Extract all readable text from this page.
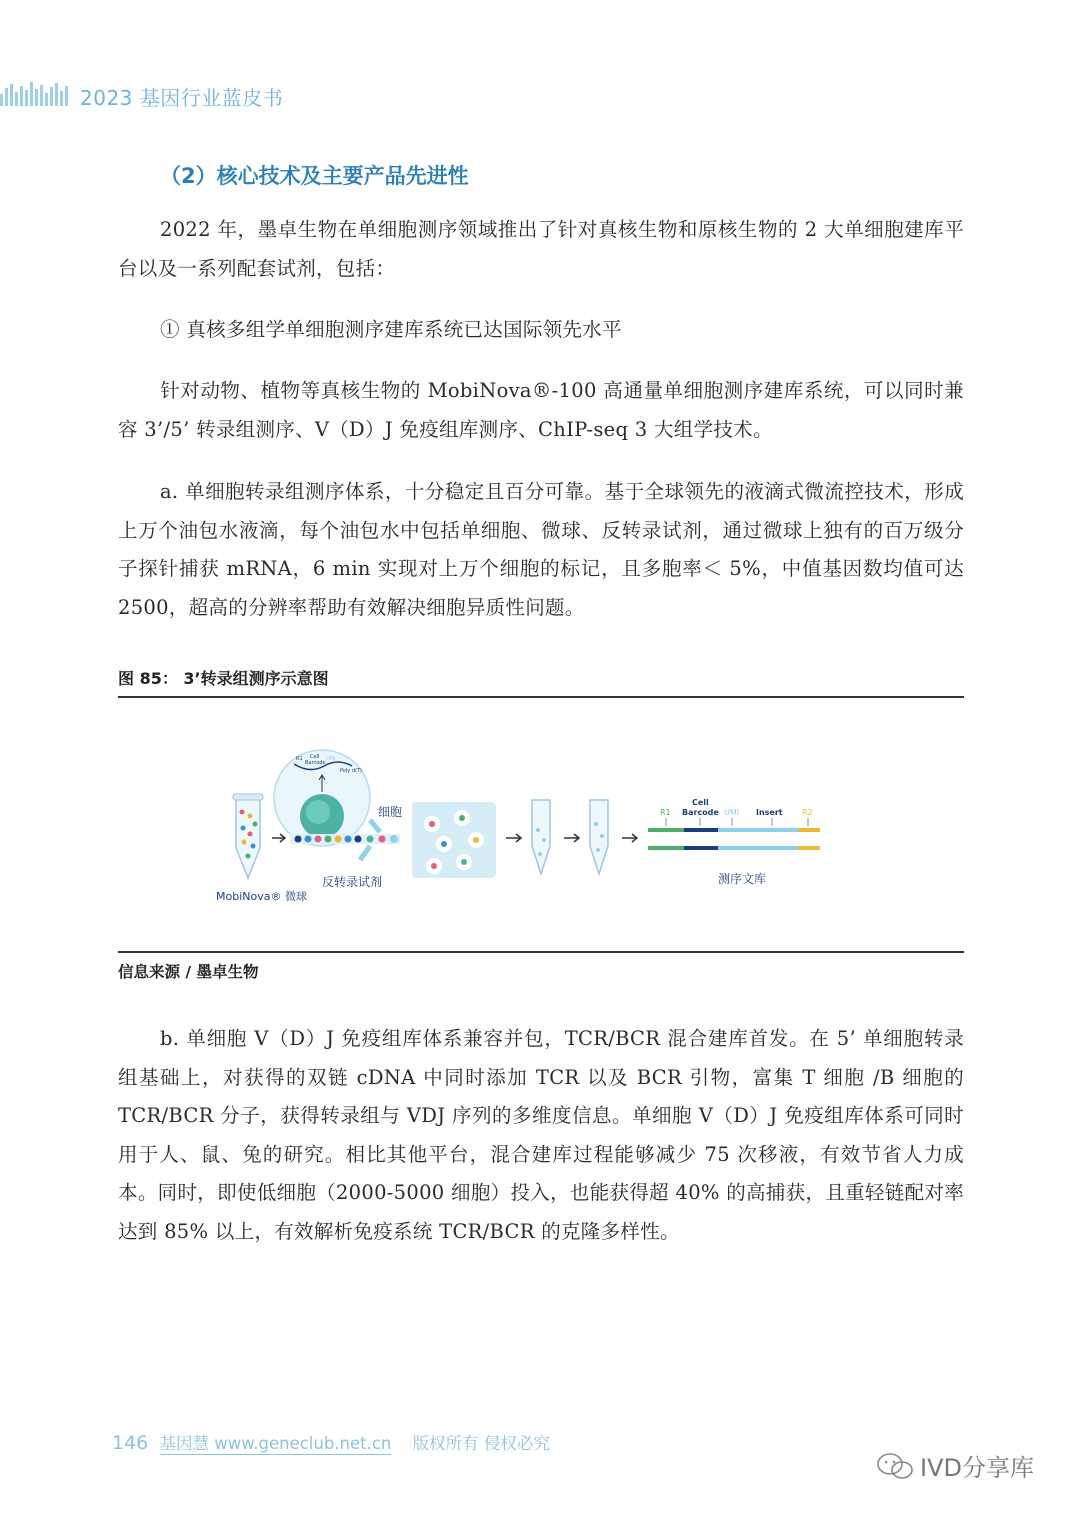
2023 基因行业蓝皮书
（2）核心技术及主要产品先进性

2022 年，墨卓生物在单细胞测序领域推出了针对真核生物和原核生物的 2 大单细胞建库平台以及一系列配套试剂，包括：

① 真核多组学单细胞测序建库系统已达国际领先水平

针对动物、植物等真核生物的 MobiNova®-100 高通量单细胞测序建库系统，可以同时兼容 3’/5’ 转录组测序、V（D）J 免疫组库测序、ChIP-seq 3 大组学技术。

a. 单细胞转录组测序体系，十分稳定且百分可靠。基于全球领先的液滴式微流控技术，形成上万个油包水液滴，每个油包水中包括单细胞、微球、反转录试剂，通过微球上独有的百万级分子探针捕获 mRNA，6 min 实现对上万个细胞的标记，且多胞率＜ 5%，中值基因数均值可达 2500，超高的分辨率帮助有效解决细胞异质性问题。

图 85： 3’转录组测序示意图
MobiNova® 微球
R1 Cell
Barcode
UMI
Poly d(T)
细胞
反转录试剂
R1
Cell
Barcode UMI Insert R2
测序文库
信息来源 / 墨卓生物

b. 单细胞 V（D）J 免疫组库体系兼容并包，TCR/BCR 混合建库首发。在 5’ 单细胞转录组基础上，对获得的双链 cDNA 中同时添加 TCR 以及 BCR 引物，富集 T 细胞 /B 细胞的 TCR/BCR 分子，获得转录组与 VDJ 序列的多维度信息。单细胞 V（D）J 免疫组库体系可同时用于人、鼠、兔的研究。相比其他平台，混合建库过程能够减少 75 次移液，有效节省人力成本。同时，即使低细胞（2000-5000 细胞）投入，也能获得超 40% 的高捕获，且重轻链配对率达到 85% 以上，有效解析免疫系统 TCR/BCR 的克隆多样性。

146 基因慧 www.geneclub.net.cn 版权所有 侵权必究
IVD分享库
